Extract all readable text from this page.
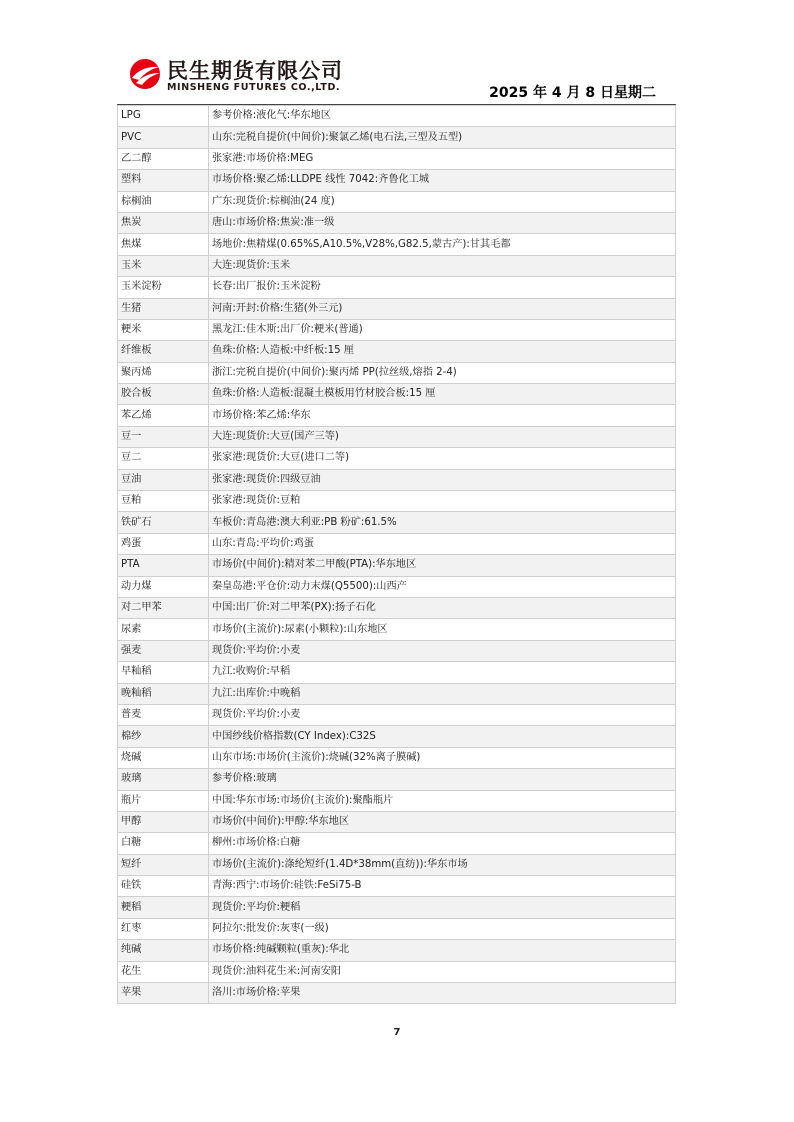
民生期货有限公司
MINSHENG FUTURES CO.,LTD.	2025 年 4 月 8 日星期二
LPG	参考价格:液化气:华东地区
PVC	山东:完税自提价(中间价):聚氯乙烯(电石法,三型及五型)
乙二醇	张家港:市场价格:MEG
塑料	市场价格:聚乙烯:LLDPE 线性 7042:齐鲁化工城
棕榈油	广东:现货价:棕榈油(24 度)
焦炭	唐山:市场价格:焦炭:准一级
焦煤	场地价:焦精煤(0.65%S,A10.5%,V28%,G82.5,蒙古产):甘其毛都
玉米	大连:现货价:玉米
玉米淀粉	长春:出厂报价:玉米淀粉
生猪	河南:开封:价格:生猪(外三元)
粳米	黑龙江:佳木斯:出厂价:粳米(普通)
纤维板	鱼珠:价格:人造板:中纤板:15 厘
聚丙烯	浙江:完税自提价(中间价):聚丙烯 PP(拉丝级,熔指 2-4)
胶合板	鱼珠:价格:人造板:混凝土模板用竹材胶合板:15 厘
苯乙烯	市场价格:苯乙烯:华东
豆一	大连:现货价:大豆(国产三等)
豆二	张家港:现货价:大豆(进口二等)
豆油	张家港:现货价:四级豆油
豆粕	张家港:现货价:豆粕
铁矿石	车板价:青岛港:澳大利亚:PB 粉矿:61.5%
鸡蛋	山东:青岛:平均价:鸡蛋
PTA	市场价(中间价):精对苯二甲酸(PTA):华东地区
动力煤	秦皇岛港:平仓价:动力末煤(Q5500):山西产
对二甲苯	中国:出厂价:对二甲苯(PX):扬子石化
尿素	市场价(主流价):尿素(小颗粒):山东地区
强麦	现货价:平均价:小麦
早籼稻	九江:收购价:早稻
晚籼稻	九江:出库价:中晚稻
普麦	现货价:平均价:小麦
棉纱	中国纱线价格指数(CY Index):C32S
烧碱	山东市场:市场价(主流价):烧碱(32%离子膜碱)
玻璃	参考价格:玻璃
瓶片	中国:华东市场:市场价(主流价):聚酯瓶片
甲醇	市场价(中间价):甲醇:华东地区
白糖	柳州:市场价格:白糖
短纤	市场价(主流价):涤纶短纤(1.4D*38mm(直纺)):华东市场
硅铁	青海:西宁:市场价:硅铁:FeSi75-B
粳稻	现货价:平均价:粳稻
红枣	阿拉尔:批发价:灰枣(一级)
纯碱	市场价格:纯碱颗粒(重灰):华北
花生	现货价:油料花生米:河南安阳
苹果	洛川:市场价格:苹果
7
